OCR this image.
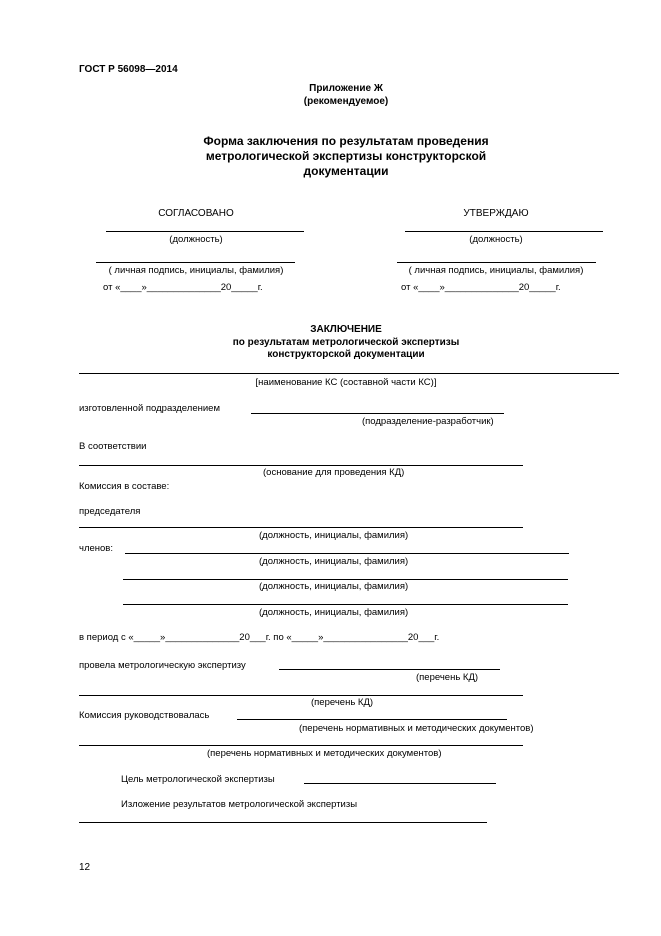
ГОСТ Р 56098—2014
Приложение Ж
(рекомендуемое)
Форма заключения по результатам проведения
метрологической экспертизы конструкторской
документации
СОГЛАСОВАНО
(должность)
( личная подпись, инициалы, фамилия)
от «____»______________20_____г.
УТВЕРЖДАЮ
(должность)
( личная подпись, инициалы, фамилия)
от «____»______________20_____г.
ЗАКЛЮЧЕНИЕ
по результатам метрологической экспертизы
конструкторской документации
[наименование КС (составной части КС)]
изготовленной подразделением
(подразделение-разработчик)
В соответствии
(основание для проведения КД)
Комиссия в составе:
председателя
(должность, инициалы, фамилия)
членов:
(должность, инициалы, фамилия)
(должность, инициалы, фамилия)
(должность, инициалы, фамилия)
в период с «_____»______________20___г. по «_____»________________20___г.
провела метрологическую экспертизу
(перечень КД)
(перечень КД)
Комиссия руководствовалась
(перечень нормативных и методических документов)
(перечень нормативных и методических документов)
Цель метрологической экспертизы
Изложение результатов метрологической экспертизы
12
